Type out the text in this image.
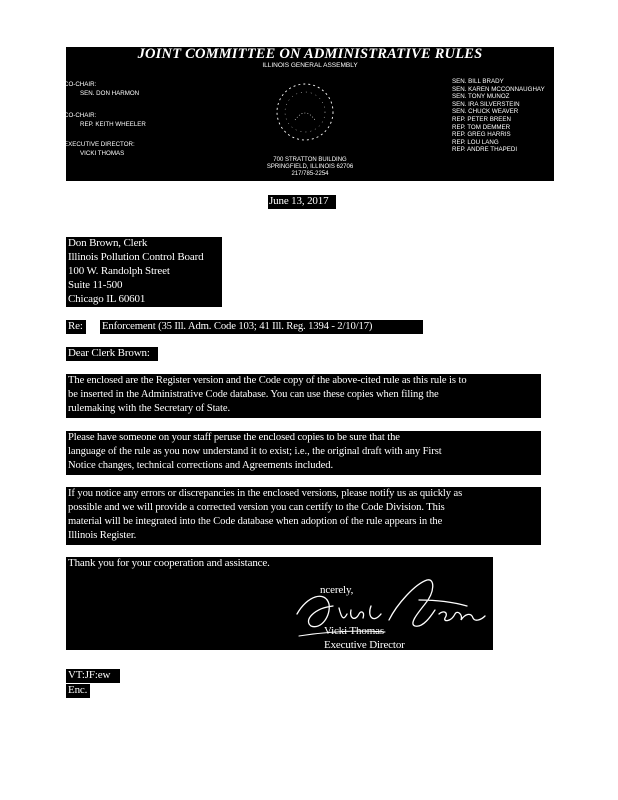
JOINT COMMITTEE ON ADMINISTRATIVE RULES
ILLINOIS GENERAL ASSEMBLY
CO-CHAIR:
SEN. DON HARMON
CO-CHAIR:
REP. KEITH WHEELER
EXECUTIVE DIRECTOR:
VICKI THOMAS
SEN. BILL BRADY
SEN. KAREN MCCONNAUGHAY
SEN. TONY MUNOZ
SEN. IRA SILVERSTEIN
SEN. CHUCK WEAVER
REP. PETER BREEN
REP. TOM DEMMER
REP. GREG HARRIS
REP. LOU LANG
REP. ANDRE THAPEDI
700 STRATTON BUILDING
SPRINGFIELD, ILLINOIS 62706
217/785-2254
June 13, 2017
Don Brown, Clerk
Illinois Pollution Control Board
100 W. Randolph Street
Suite 11-500
Chicago IL 60601
Re: Enforcement (35 Ill. Adm. Code 103; 41 Ill. Reg. 1394 - 2/10/17)
Dear Clerk Brown:
The enclosed are the Register version and the Code copy of the above-cited rule as this rule is to
be inserted in the Administrative Code database. You can use these copies when filing the
rulemaking with the Secretary of State.
Please have someone on your staff peruse the enclosed copies to be sure that the
language of the rule as you now understand it to exist; i.e., the original draft with any First
Notice changes, technical corrections and Agreements included.
If you notice any errors or discrepancies in the enclosed versions, please notify us as quickly as
possible and we will provide a corrected version you can certify to the Code Division. This
material will be integrated into the Code database when adoption of the rule appears in the
Illinois Register.
Thank you for your cooperation and assistance.
ncerely,
Vicki Thomas
Executive Director
VT:JF:ew
Enc.
